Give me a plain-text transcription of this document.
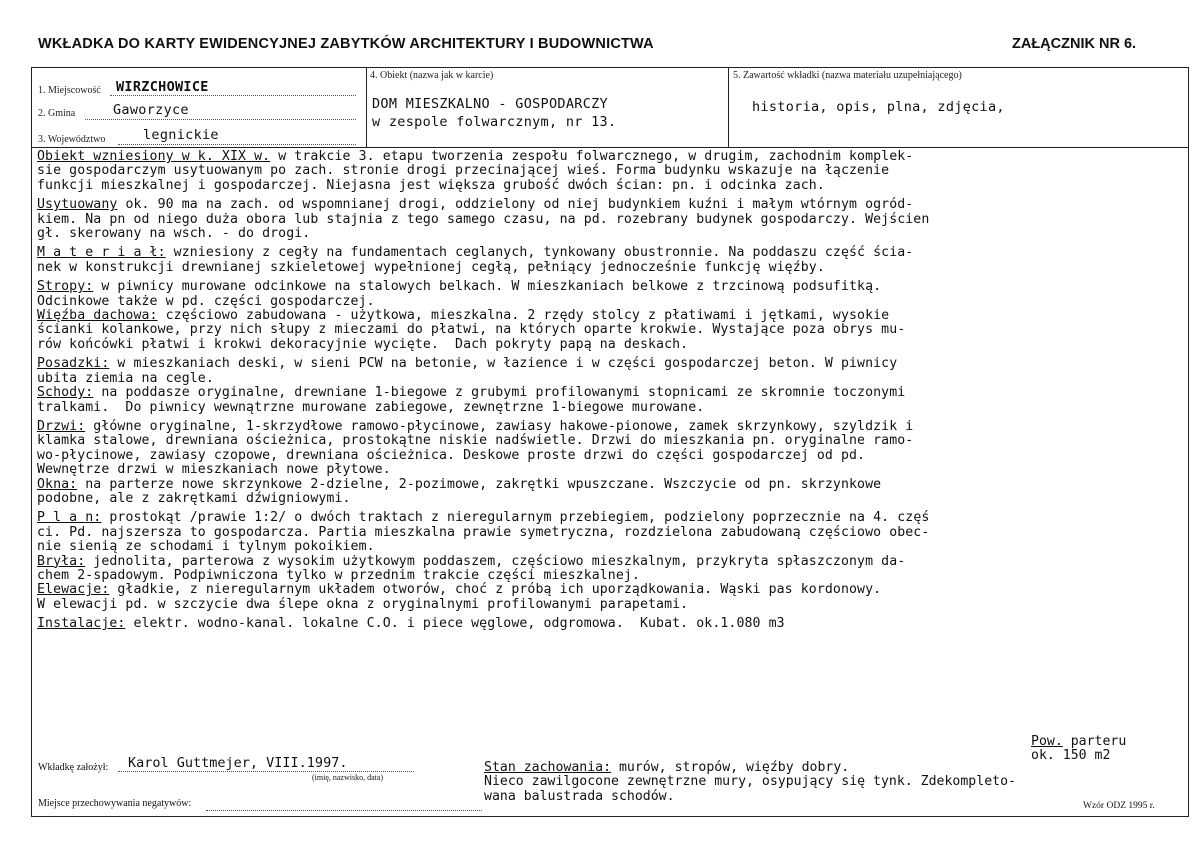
WKŁADKA DO KARTY EWIDENCYJNEJ ZABYTKÓW ARCHITEKTURY I BUDOWNICTWA	ZAŁĄCZNIK NR 6.
1. Miejscowość WIRZCHOWICE
2. Gmina	Gaworzyce
3. Województwo	legnickie
4. Obiekt (nazwa jak w karcie)
DOM MIESZKALNO - GOSPODARCZY
w zespole folwarcznym, nr 13.
5. Zawartość wkładki (nazwa materiału uzupełniającego)
historia, opis, plna, zdjęcia,
Obiekt wzniesiony w k. XIX w. w trakcie 3. etapu tworzenia zespołu folwarcznego, w drugim, zachodnim komplek-
sie gospodarczym usytuowanym po zach. stronie drogi przecinającej wieś. Forma budynku wskazuje na łączenie
funkcji mieszkalnej i gospodarczej. Niejasna jest większa grubość dwóch ścian: pn. i odcinka zach.
Usytuowany ok. 90 ma na zach. od wspomnianej drogi, oddzielony od niej budynkiem kuźni i małym wtórnym ogród-
kiem. Na pn od niego duża obora lub stajnia z tego samego czasu, na pd. rozebrany budynek gospodarczy. Wejścien
gł. skerowany na wsch. - do drogi.
M a t e r i a ł: wzniesiony z cegły na fundamentach ceglanych, tynkowany obustronnie. Na poddaszu część ścia-
nek w konstrukcji drewnianej szkieletowej wypełnionej cegłą, pełniący jednocześnie funkcję więźby.
Stropy: w piwnicy murowane odcinkowe na stalowych belkach. W mieszkaniach belkowe z trzcinową podsufitką.
Odcinkowe także w pd. części gospodarczej.
Więźba dachowa: częściowo zabudowana - użytkowa, mieszkalna. 2 rzędy stolcy z płatiwami i jętkami, wysokie
ścianki kolankowe, przy nich słupy z mieczami do płatwi, na których oparte krokwie. Wystające poza obrys mu-
rów końcówki płatwi i krokwi dekoracyjnie wycięte.  Dach pokryty papą na deskach.
Posadzki: w mieszkaniach deski, w sieni PCW na betonie, w łazience i w części gospodarczej beton. W piwnicy
ubita ziemia na cegle.
Schody: na poddasze oryginalne, drewniane 1-biegowe z grubymi profilowanymi stopnicami ze skromnie toczonymi
tralkami.  Do piwnicy wewnątrzne murowane zabiegowe, zewnętrzne 1-biegowe murowane.
Drzwi: główne oryginalne, 1-skrzydłowe ramowo-płycinowe, zawiasy hakowe-pionowe, zamek skrzynkowy, szyldzik i
klamka stalowe, drewniana ościeżnica, prostokątne niskie nadświetle. Drzwi do mieszkania pn. oryginalne ramo-
wo-płycinowe, zawiasy czopowe, drewniana ościeżnica. Deskowe proste drzwi do części gospodarczej od pd.
Wewnętrze drzwi w mieszkaniach nowe płytowe.
Okna: na parterze nowe skrzynkowe 2-dzielne, 2-pozimowe, zakrętki wpuszczane. Wszczycie od pn. skrzynkowe
podobne, ale z zakrętkami dźwigniowymi.
P l a n: prostokąt /prawie 1:2/ o dwóch traktach z nieregularnym przebiegiem, podzielony poprzecznie na 4. częś
ci. Pd. najszersza to gospodarcza. Partia mieszkalna prawie symetryczna, rozdzielona zabudowaną częściowo obec-
nie sienią ze schodami i tylnym pokoikiem.
Bryła: jednolita, parterowa z wysokim użytkowym poddaszem, częściowo mieszkalnym, przykryta spłaszczonym da-
chem 2-spadowym. Podpiwniczona tylko w przednim trakcie części mieszkalnej.
Elewacje: gładkie, z nieregularnym układem otworów, choć z próbą ich uporządkowania. Wąski pas kordonowy.
W elewacji pd. w szczycie dwa ślepe okna z oryginalnymi profilowanymi parapetami.
Instalacje: elektr. wodno-kanal. lokalne C.O. i piece węglowe, odgromowa.  Kubat. ok.1.080 m3
Pow. parteru
ok. 150 m2
Wkładkę założył: Karol Guttmejer, VIII.1997.
(imię, nazwisko, data)
Stan zachowania: murów, stropów, więźby dobry.
Nieco zawilgocone zewnętrzne mury, osypujący się tynk. Zdekompleto-
wana balustrada schodów.
Miejsce przechowywania negatywów:	Wzór ODZ 1995 r.
